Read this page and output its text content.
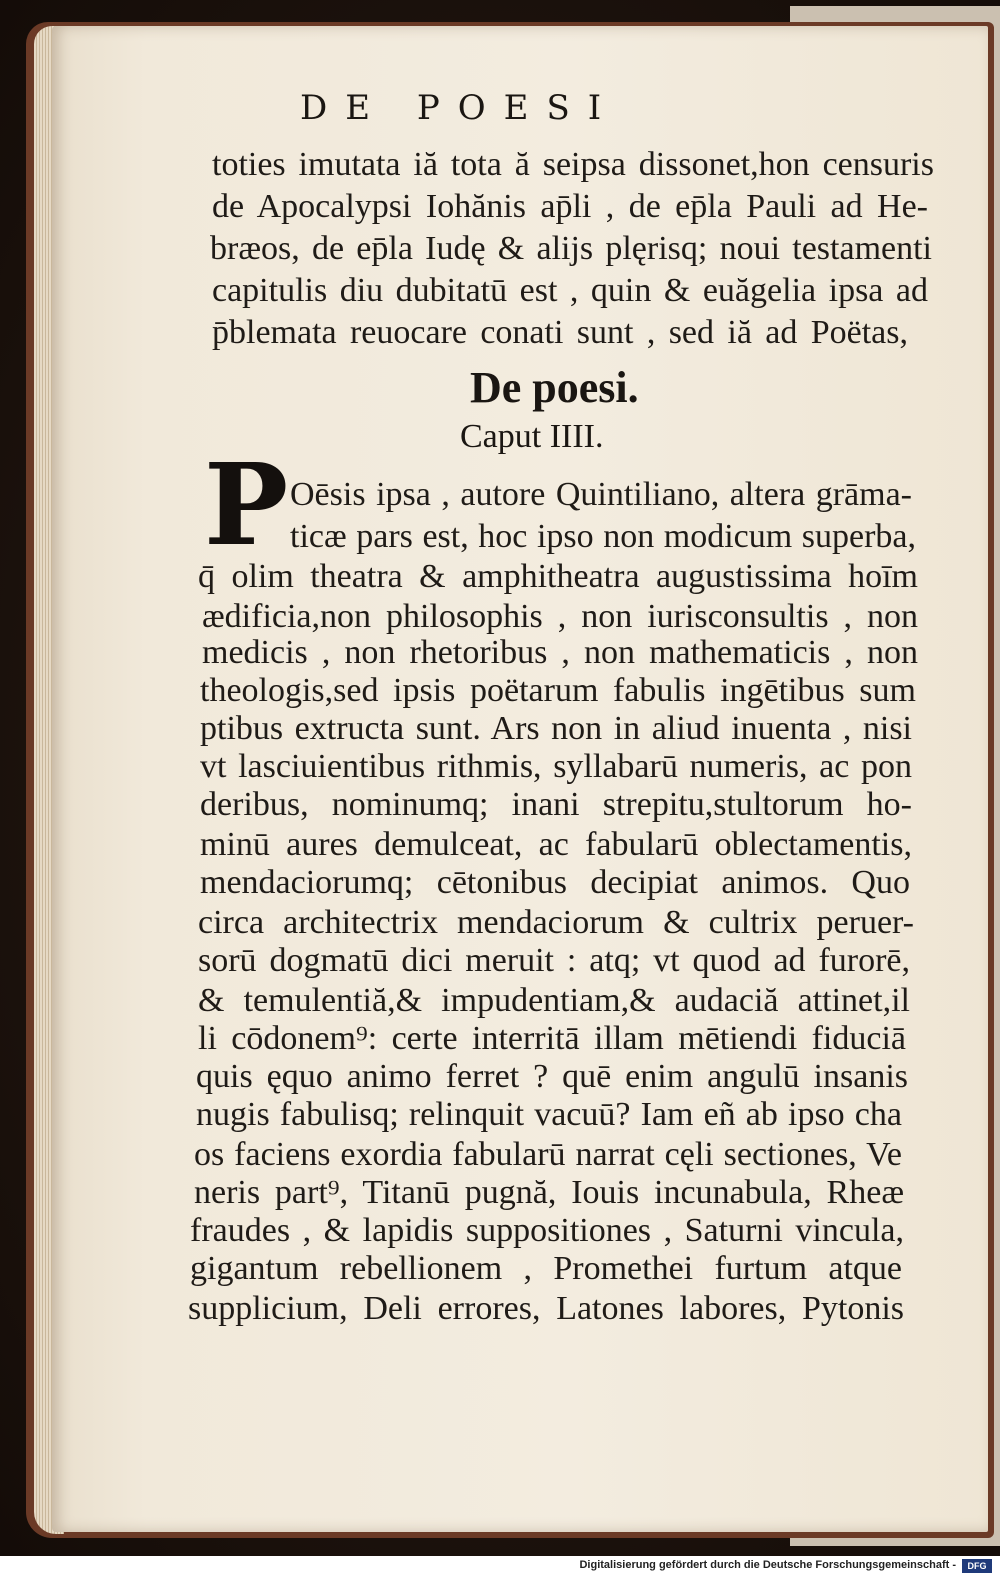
DE POESI
toties imutata iă tota ă seipsa dissonet,hon censuris
de Apocalypsi Iohănis ap̄li , de ep̄la Pauli ad He-
bræos, de ep̄la Iudę & alijs plęrisq; noui testamenti
capitulis diu dubitatū est , quin & euăgelia ipsa ad
p̄blemata reuocare conati sunt , sed iă ad Poëtas,
De poesi.
Caput IIII.
P Oēsis ipsa , autore Quintiliano, altera grāma-
ticæ pars est, hoc ipso non modicum superba,
q̄ olim theatra & amphitheatra augustissima hoīm
ædificia,non philosophis , non iurisconsultis , non
medicis , non rhetoribus , non mathematicis , non
theologis,sed ipsis poëtarum fabulis ingētibus sum
ptibus extructa sunt. Ars non in aliud inuenta , nisi
vt lasciuientibus rithmis, syllabarū numeris, ac pon
deribus, nominumq; inani strepitu,stultorum ho-
minū aures demulceat, ac fabularū oblectamentis,
mendaciorumq; cētonibus decipiat animos. Quo
circa architectrix mendaciorum & cultrix peruer-
sorū dogmatū dici meruit : atq; vt quod ad furorē,
& temulentiă,& impudentiam,& audaciă attinet,il
li cōdonem⁹: certe interritā illam mētiendi fiduciā
quis ęquo animo ferret ? quē enim angulū insanis
nugis fabulisq; relinquit vacuū? Iam eñ ab ipso cha
os faciens exordia fabularū narrat cęli sectiones, Ve
neris part⁹, Titanū pugnă, Iouis incunabula, Rheæ
fraudes , & lapidis suppositiones , Saturni vincula,
gigantum rebellionem , Promethei furtum atque
supplicium, Deli errores, Latones labores, Pytonis
Digitalisierung gefördert durch die Deutsche Forschungsgemeinschaft -	DFG
